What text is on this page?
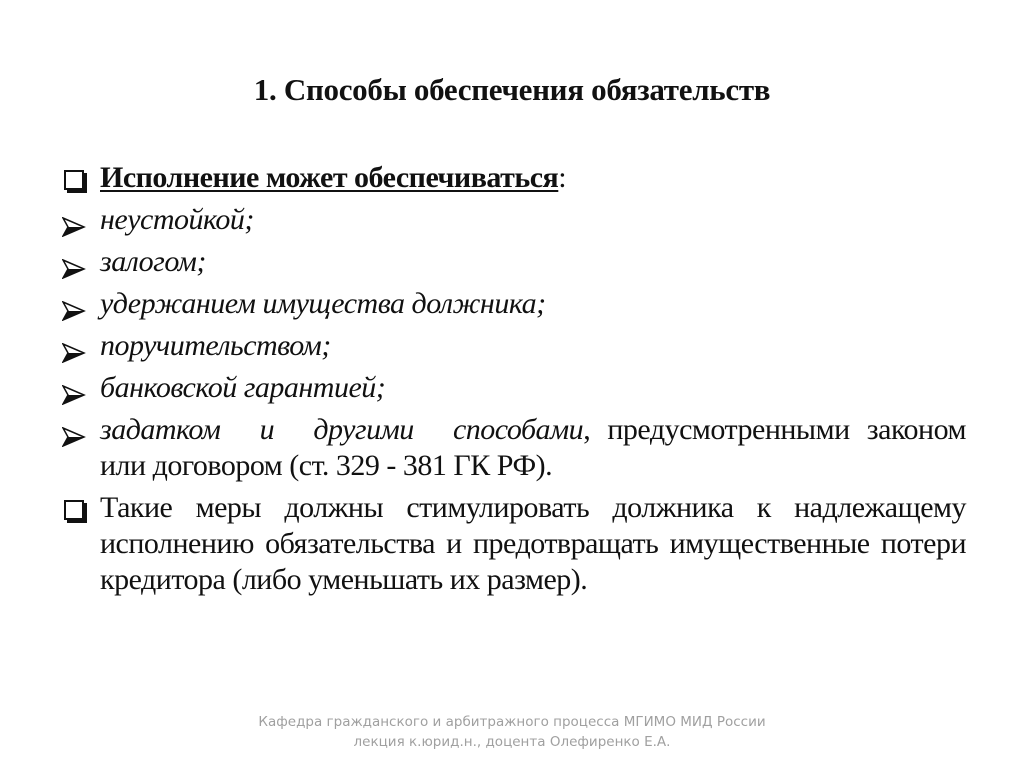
1. Способы обеспечения обязательств
Исполнение может обеспечиваться:
неустойкой;
залогом;
удержанием имущества должника;
поручительством;
банковской гарантией;
задатком и другими способами, предусмотренными законом или договором (ст. 329 - 381 ГК РФ).
Такие меры должны стимулировать должника к надлежащему исполнению обязательства и предотвращать имущественные потери кредитора (либо уменьшать их размер).
Кафедра гражданского и арбитражного процесса МГИМО МИД России
лекция к.юрид.н., доцента Олефиренко Е.А.
